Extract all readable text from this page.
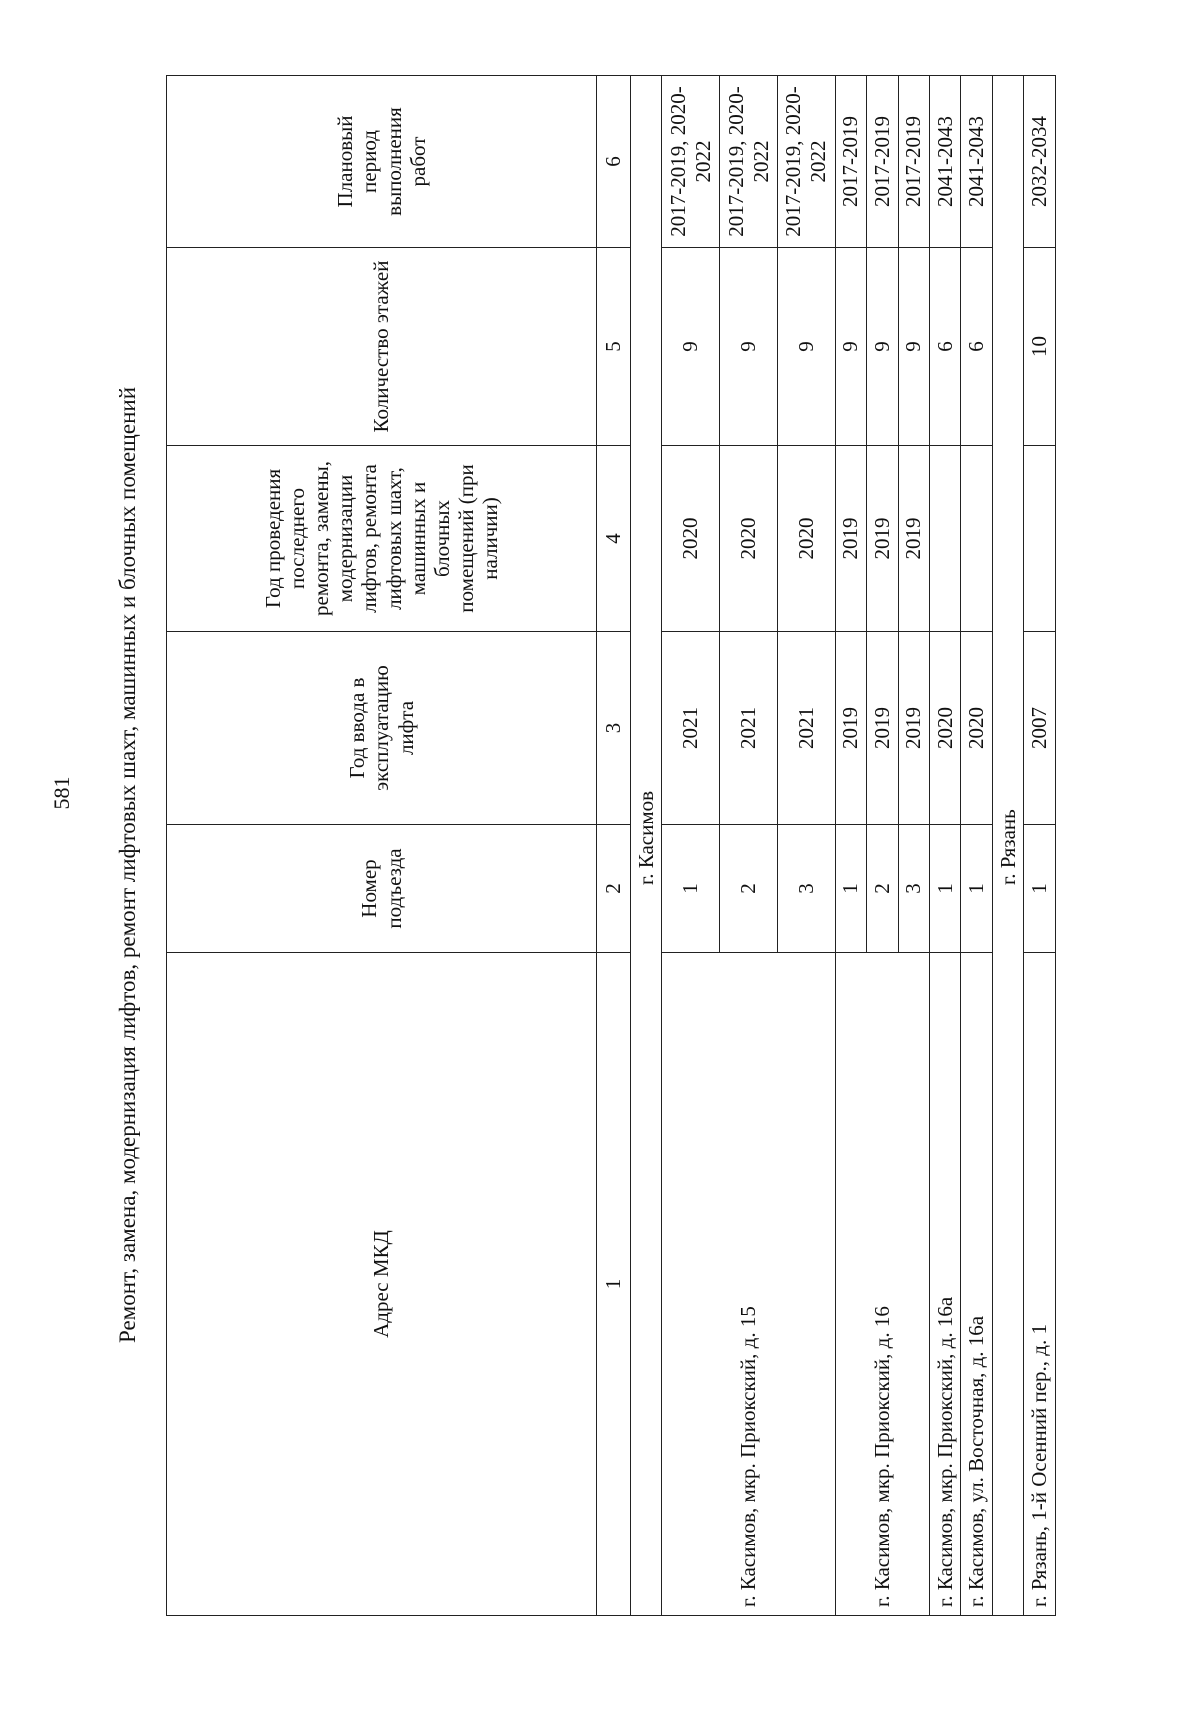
581 Ремонт, замена, модернизация лифтов, ремонт лифтовых шахт, машинных и блочных помещений	Адрес МКД	Номер подъезда	Год ввода в эксплуатацию лифта	Год проведения последнего ремонта, замены, модернизации лифтов, ремонта лифтовых шахт, машинных и блочных помещений (при наличии)	Количество этажей	Плановый период выполнения работ
1	2	3	4	5	6
г. Касимов					
г. Касимов, мкр. Приокский, д. 15	1	2021	2020	9	2017-2019, 2020-2022
	2	2021	2020	9	2017-2019, 2020-2022
	3	2021	2020	9	2017-2019, 2020-2022
г. Касимов, мкр. Приокский, д. 16	1	2019	2019	9	2017-2019
	2	2019	2019	9	2017-2019
	3	2019	2019	9	2017-2019
г. Касимов, мкр. Приокский, д. 16а	1	2020		6	2041-2043
г. Касимов, ул. Восточная, д. 16а	1	2020		6	2041-2043
г. Рязань					
г. Рязань, 1-й Осенний пер., д. 1	1	2007		10	2032-2034
